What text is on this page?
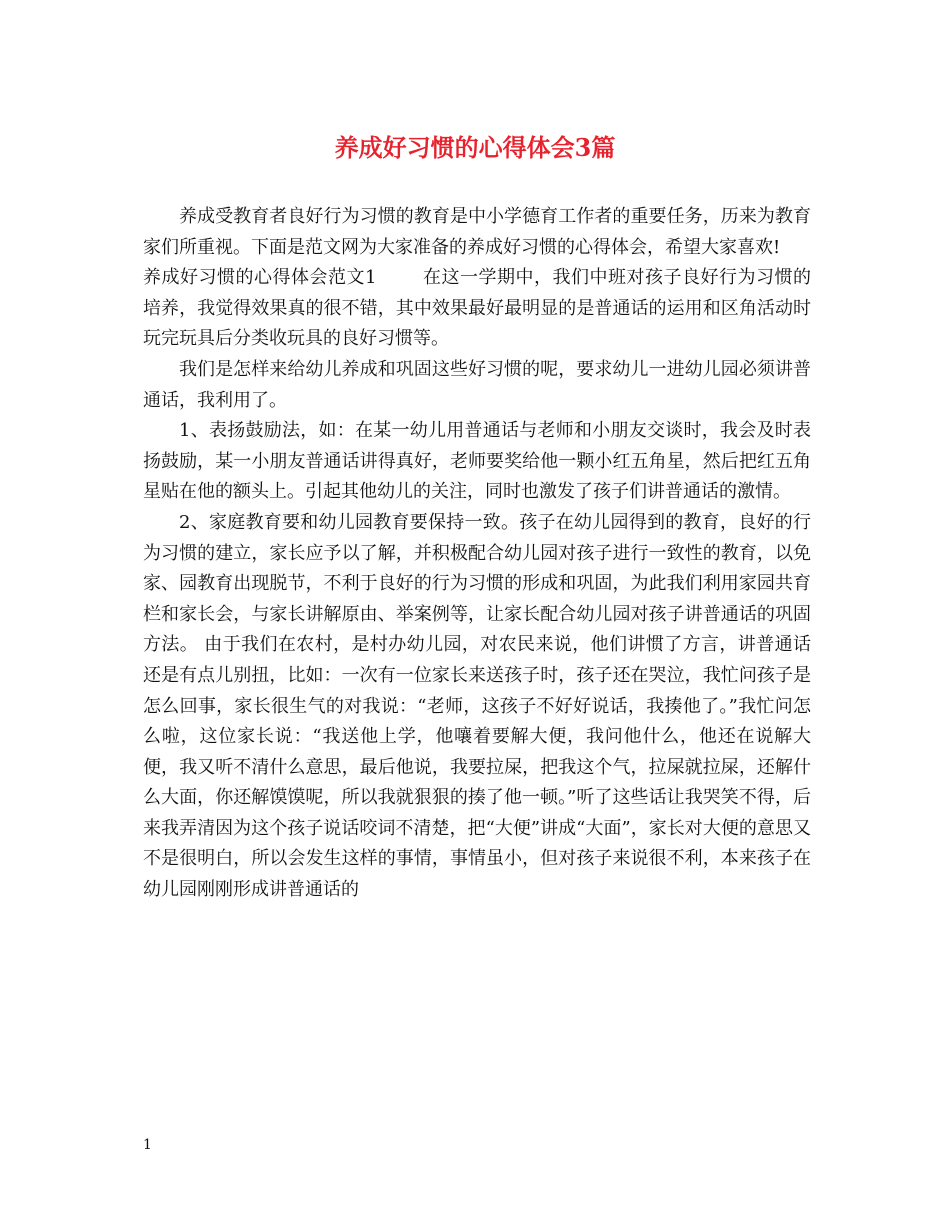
养成好习惯的心得体会3篇

养成受教育者良好行为习惯的教育是中小学德育工作者的重要任务，历来为教育家们所重视。下面是范文网为大家准备的养成好习惯的心得体会，希望大家喜欢!

养成好习惯的心得体会范文1	在这一学期中，我们中班对孩子良好行为习惯的培养，我觉得效果真的很不错，其中效果最好最明显的是普通话的运用和区角活动时玩完玩具后分类收玩具的良好习惯等。

我们是怎样来给幼儿养成和巩固这些好习惯的呢，要求幼儿一进幼儿园必须讲普通话，我利用了。

1、表扬鼓励法，如：在某一幼儿用普通话与老师和小朋友交谈时，我会及时表扬鼓励，某一小朋友普通话讲得真好，老师要奖给他一颗小红五角星，然后把红五角星贴在他的额头上。引起其他幼儿的关注，同时也激发了孩子们讲普通话的激情。

2、家庭教育要和幼儿园教育要保持一致。孩子在幼儿园得到的教育，良好的行为习惯的建立，家长应予以了解，并积极配合幼儿园对孩子进行一致性的教育，以免家、园教育出现脱节，不利于良好的行为习惯的形成和巩固，为此我们利用家园共育栏和家长会，与家长讲解原由、举案例等，让家长配合幼儿园对孩子讲普通话的巩固方法。 由于我们在农村，是村办幼儿园，对农民来说，他们讲惯了方言，讲普通话还是有点儿别扭，比如：一次有一位家长来送孩子时，孩子还在哭泣，我忙问孩子是怎么回事，家长很生气的对我说：“老师，这孩子不好好说话，我揍他了。”我忙问怎么啦，这位家长说：“我送他上学，他嚷着要解大便，我问他什么，他还在说解大便，我又听不清什么意思，最后他说，我要拉屎，把我这个气，拉屎就拉屎，还解什么大面，你还解馍馍呢，所以我就狠狠的揍了他一顿。”听了这些话让我哭笑不得，后来我弄清因为这个孩子说话咬词不清楚，把“大便”讲成“大面”，家长对大便的意思又不是很明白，所以会发生这样的事情，事情虽小，但对孩子来说很不利，本来孩子在幼儿园刚刚形成讲普通话的

1
